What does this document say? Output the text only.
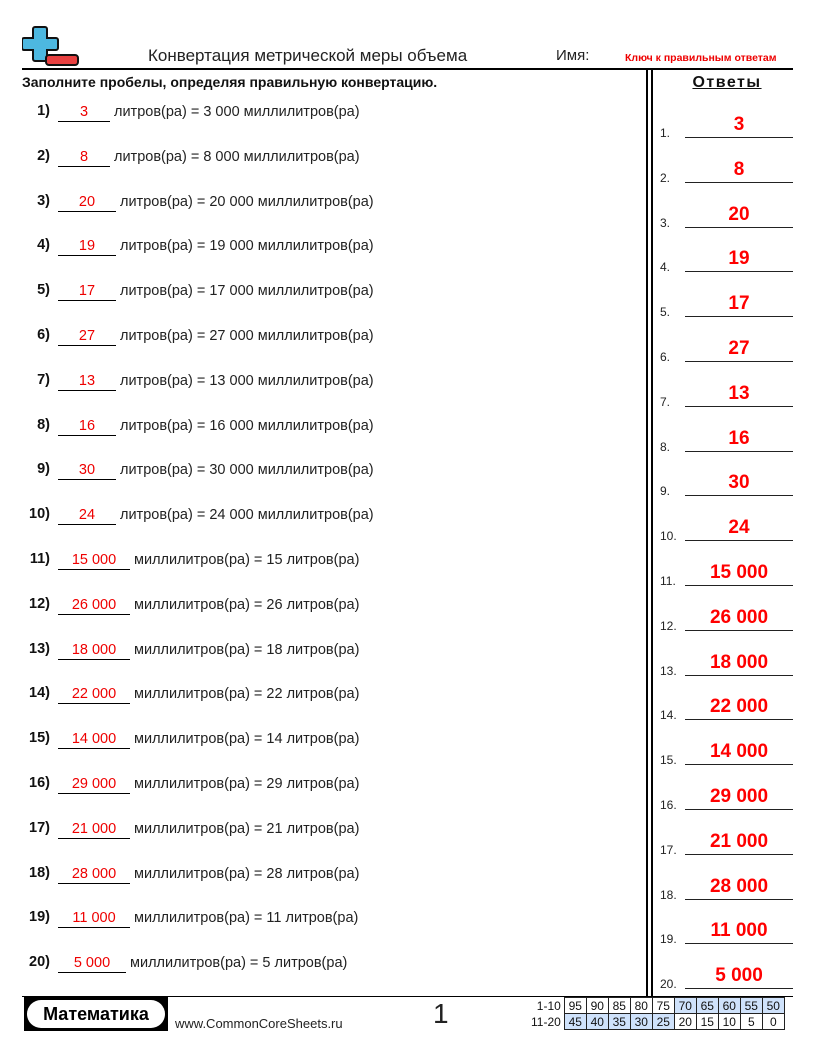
Конвертация метрической меры объема	Имя:	Ключ к правильным ответам
Заполните пробелы, определяя правильную конвертацию.	Ответы
1)	3	литров(ра) = 3 000 миллилитров(ра)
2)	8	литров(ра) = 8 000 миллилитров(ра)
3)	20	литров(ра) = 20 000 миллилитров(ра)
4)	19	литров(ра) = 19 000 миллилитров(ра)
5)	17	литров(ра) = 17 000 миллилитров(ра)
6)	27	литров(ра) = 27 000 миллилитров(ра)
7)	13	литров(ра) = 13 000 миллилитров(ра)
8)	16	литров(ра) = 16 000 миллилитров(ра)
9)	30	литров(ра) = 30 000 миллилитров(ра)
10)	24	литров(ра) = 24 000 миллилитров(ра)
11)	15 000	миллилитров(ра) = 15 литров(ра)
12)	26 000	миллилитров(ра) = 26 литров(ра)
13)	18 000	миллилитров(ра) = 18 литров(ра)
14)	22 000	миллилитров(ра) = 22 литров(ра)
15)	14 000	миллилитров(ра) = 14 литров(ра)
16)	29 000	миллилитров(ра) = 29 литров(ра)
17)	21 000	миллилитров(ра) = 21 литров(ра)
18)	28 000	миллилитров(ра) = 28 литров(ра)
19)	11 000	миллилитров(ра) = 11 литров(ра)
20)	5 000	миллилитров(ра) = 5 литров(ра)
1.	3
2.	8
3.	20
4.	19
5.	17
6.	27
7.	13
8.	16
9.	30
10.	24
11.	15 000
12.	26 000
13.	18 000
14.	22 000
15.	14 000
16.	29 000
17.	21 000
18.	28 000
19.	11 000
20.	5 000
Математика	www.CommonCoreSheets.ru	1	1-10	95	90	85	80	75	70	65	60	55	50
11-20	45	40	35	30	25	20	15	10	5	0
